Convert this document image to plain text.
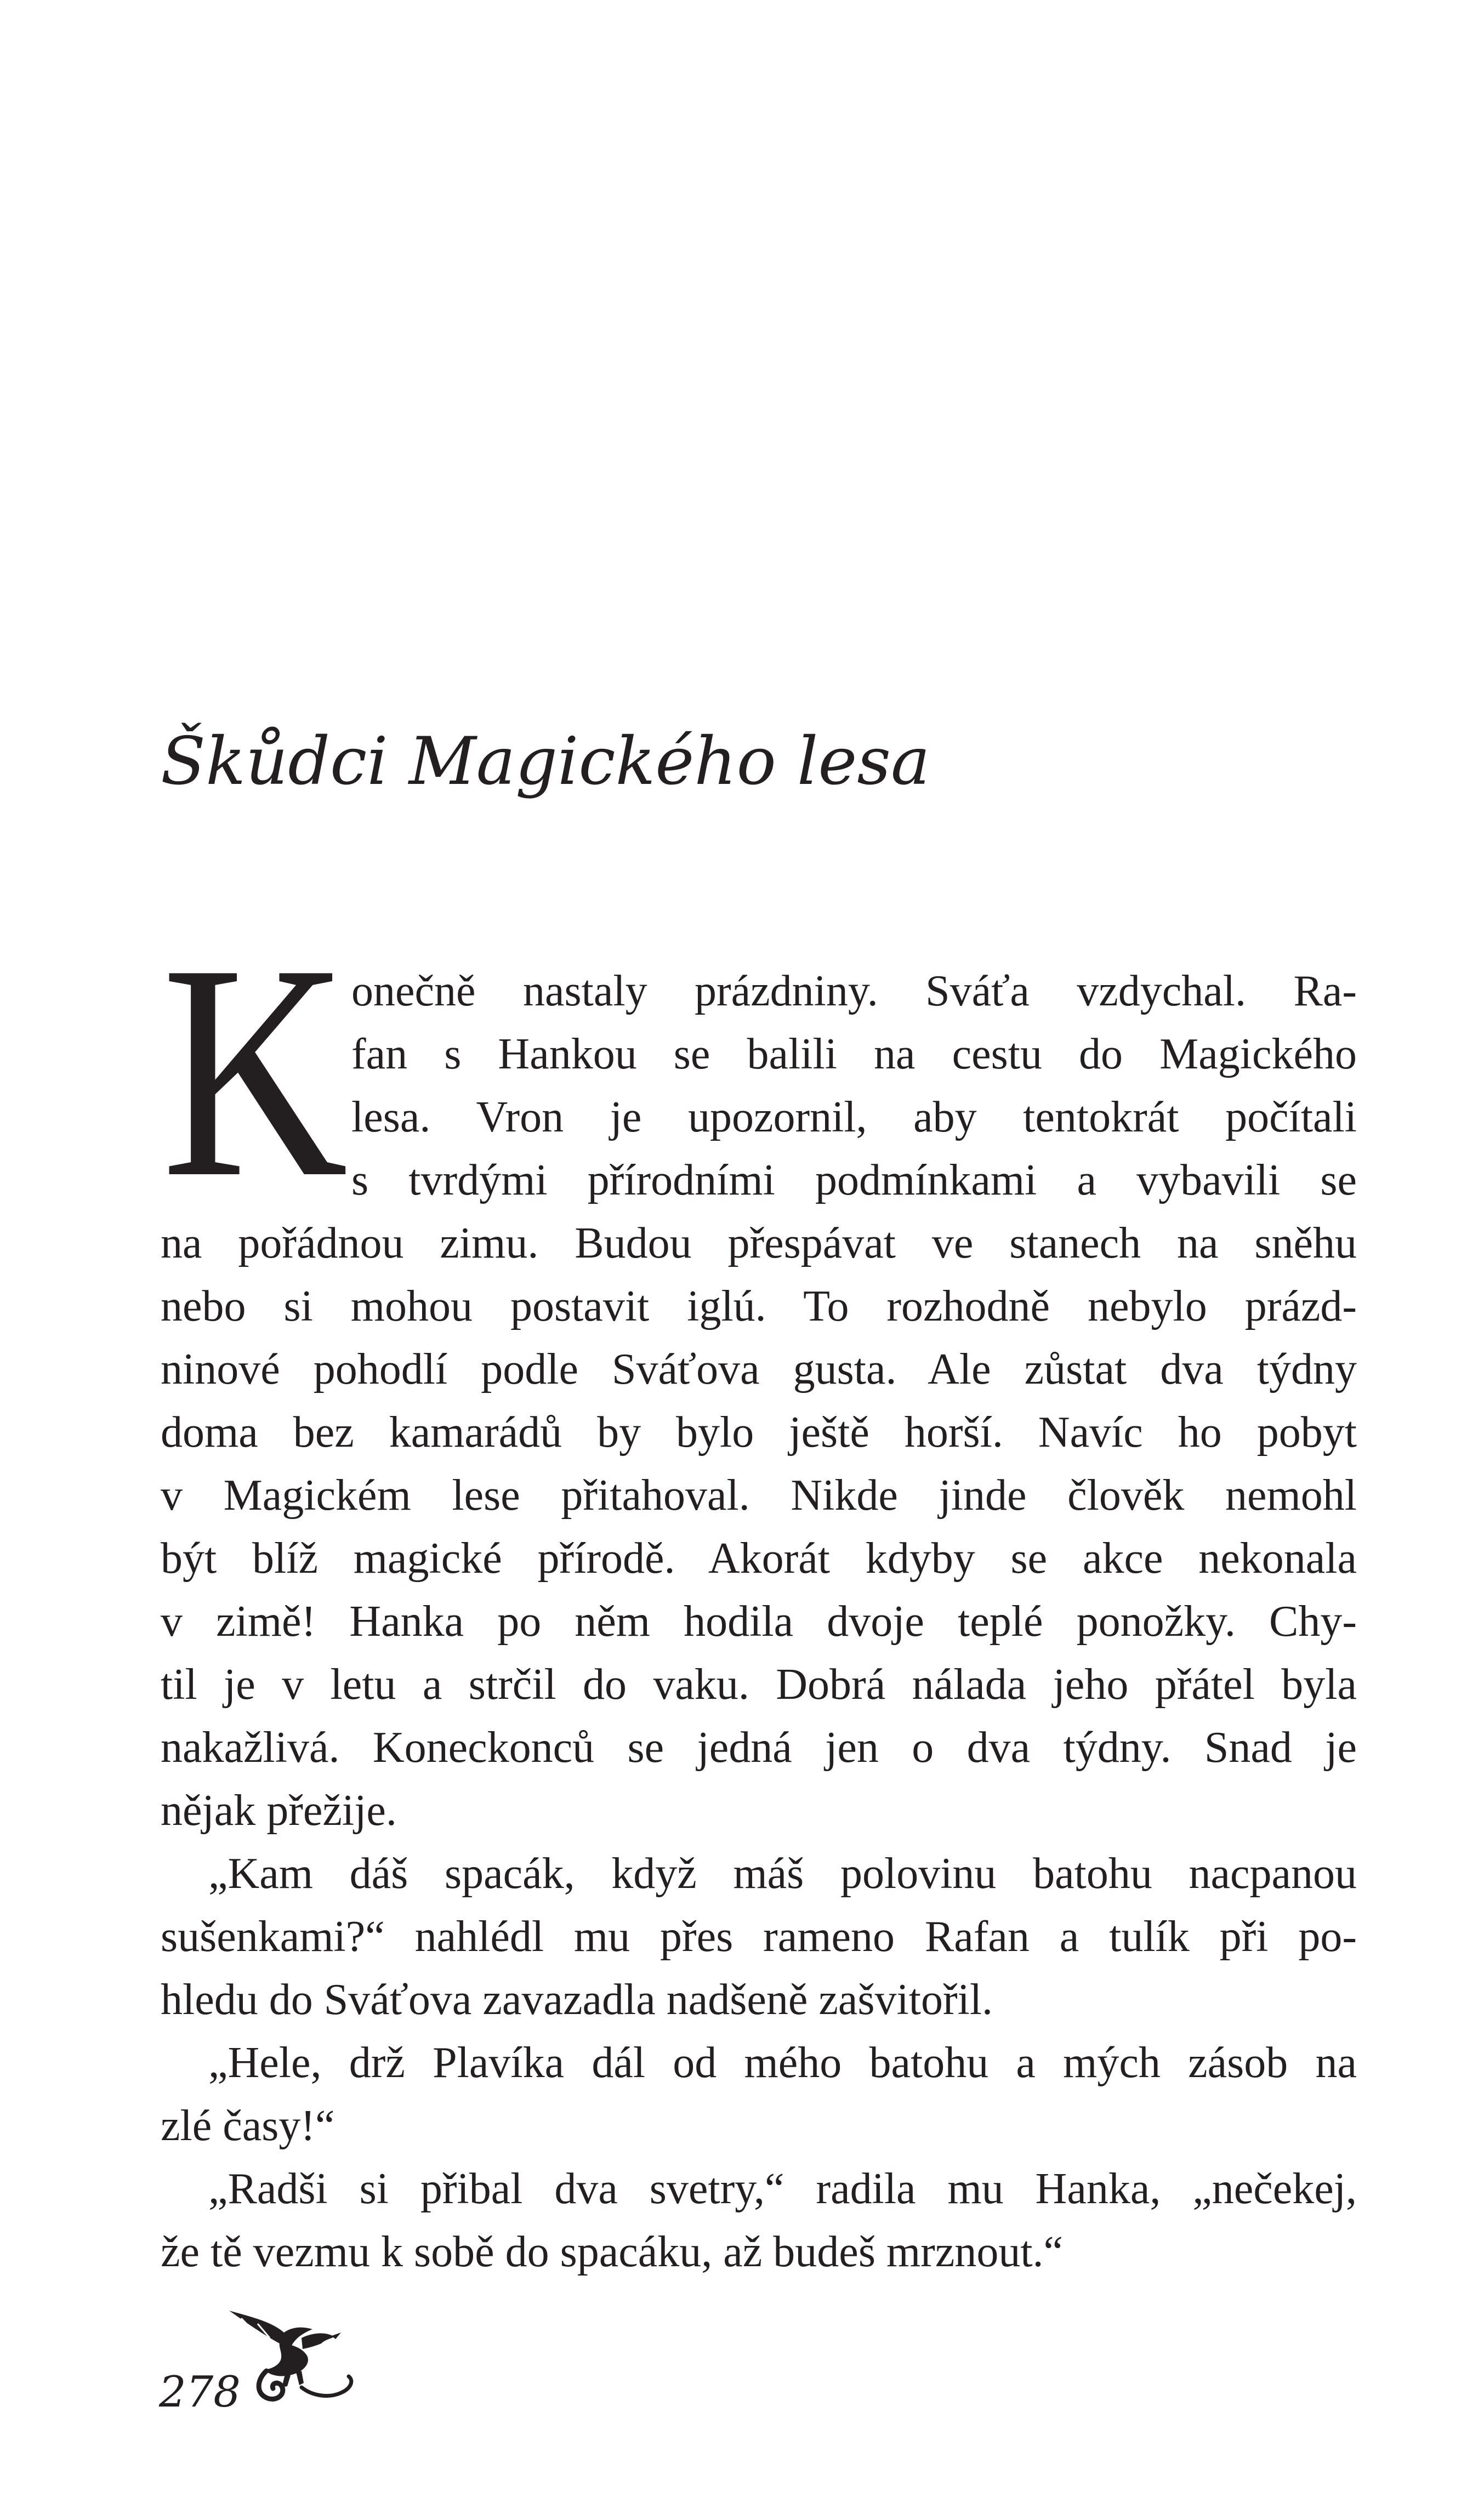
Škůdci Magického lesa
K onečně nastaly prázdniny. Sváťa vzdychal. Ra-

fan s Hankou se balili na cestu do Magického

lesa. Vron je upozornil, aby tentokrát počítali

s tvrdými přírodními podmínkami a vybavili se

na pořádnou zimu. Budou přespávat ve stanech na sněhu

nebo si mohou postavit iglú. To rozhodně nebylo prázd-

ninové pohodlí podle Sváťova gusta. Ale zůstat dva týdny

doma bez kamarádů by bylo ještě horší. Navíc ho pobyt

v Magickém lese přitahoval. Nikde jinde člověk nemohl

být blíž magické přírodě. Akorát kdyby se akce nekonala

v zimě! Hanka po něm hodila dvoje teplé ponožky. Chy-

til je v letu a strčil do vaku. Dobrá nálada jeho přátel byla

nakažlivá. Koneckonců se jedná jen o dva týdny. Snad je

nějak přežije.

„Kam dáš spacák, když máš polovinu batohu nacpanou

sušenkami?“ nahlédl mu přes rameno Rafan a tulík při po-

hledu do Sváťova zavazadla nadšeně zašvitořil.

„Hele, drž Plavíka dál od mého batohu a mých zásob na

zlé časy!“

„Radši si přibal dva svetry,“ radila mu Hanka, „nečekej,

že tě vezmu k sobě do spacáku, až budeš mrznout.“

278
